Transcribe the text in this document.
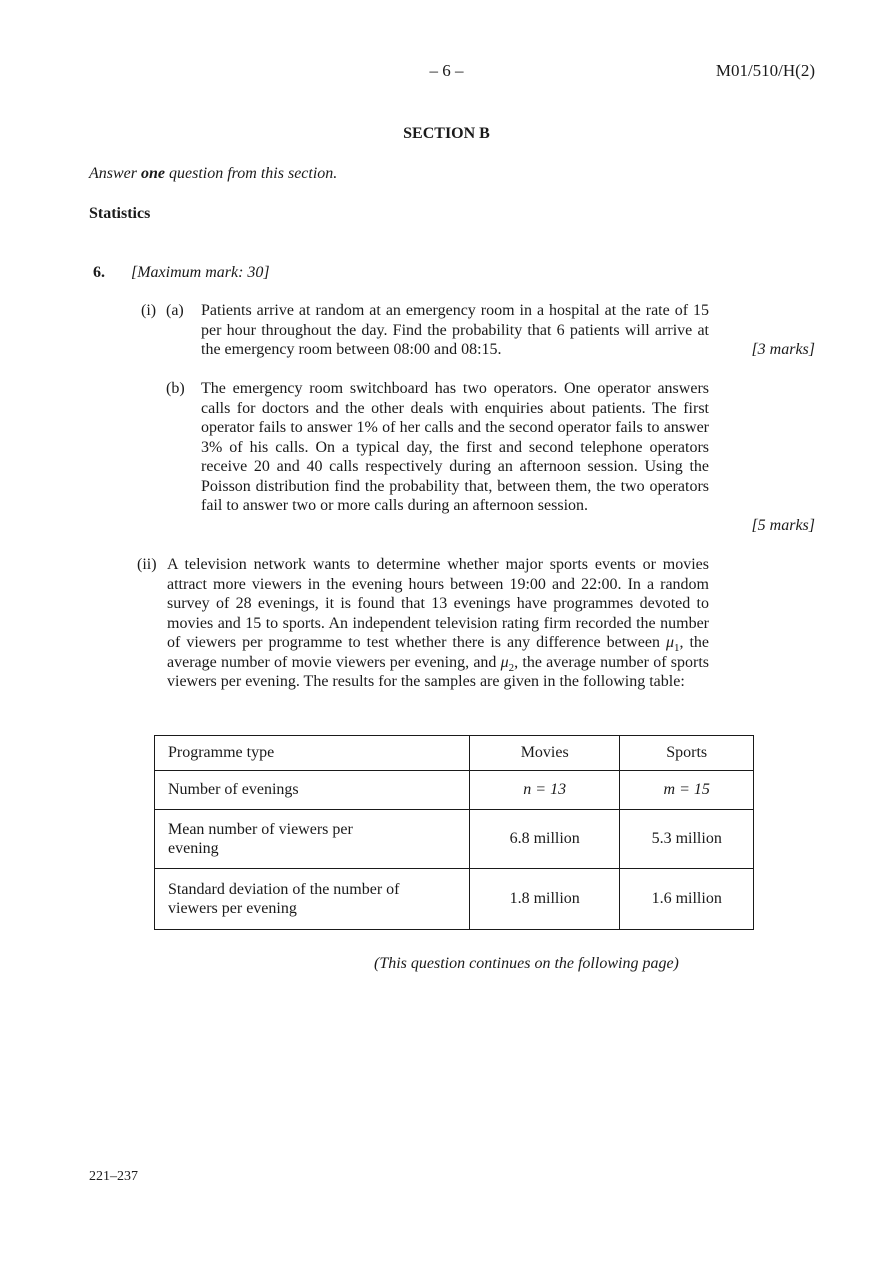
– 6 –	M01/510/H(2)
SECTION B
Answer one question from this section.
Statistics
6. [Maximum mark: 30]
(i) (a) Patients arrive at random at an emergency room in a hospital at the rate of 15 per hour throughout the day. Find the probability that 6 patients will arrive at the emergency room between 08:00 and 08:15.	[3 marks]
(b) The emergency room switchboard has two operators. One operator answers calls for doctors and the other deals with enquiries about patients. The first operator fails to answer 1% of her calls and the second operator fails to answer 3% of his calls. On a typical day, the first and second telephone operators receive 20 and 40 calls respectively during an afternoon session. Using the Poisson distribution find the probability that, between them, the two operators fail to answer two or more calls during an afternoon session.
[5 marks]
(ii) A television network wants to determine whether major sports events or movies attract more viewers in the evening hours between 19:00 and 22:00. In a random survey of 28 evenings, it is found that 13 evenings have programmes devoted to movies and 15 to sports. An independent television rating firm recorded the number of viewers per programme to test whether there is any difference between $\mu_1$, the average number of movie viewers per evening, and $\mu_2$, the average number of sports viewers per evening. The results for the samples are given in the following table:
Programme type	Movies	Sports
Number of evenings	n = 13	m = 15

Mean number of viewers per evening	6.8 million	5.3 million

Standard deviation of the number of viewers per evening	1.8 million	1.6 million
(This question continues on the following page)
221–237
